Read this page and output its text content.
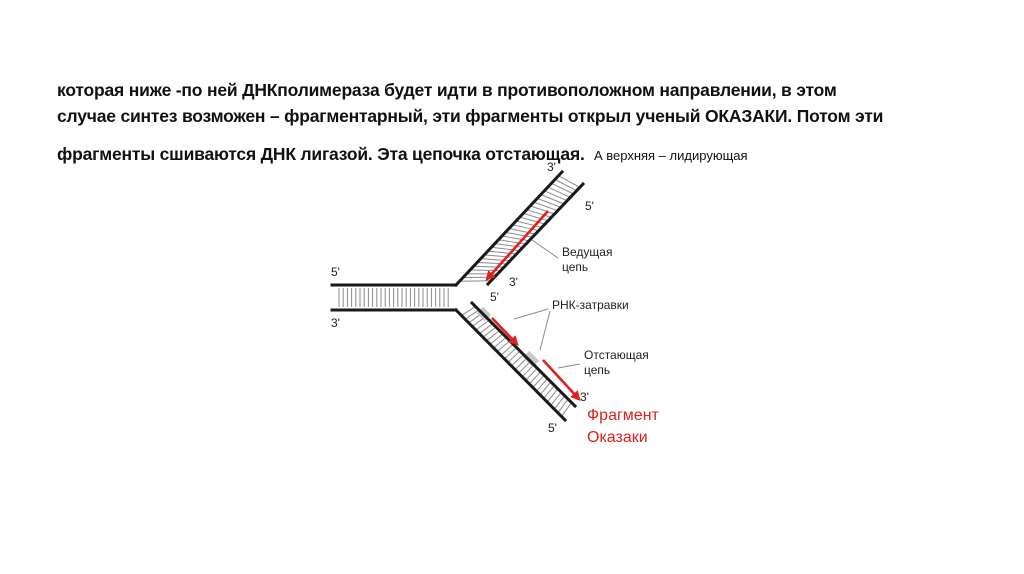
которая ниже -по ней ДНКполимераза будет идти в противоположном направлении, в этом
случае синтез возможен – фрагментарный, эти фрагменты открыл ученый ОКАЗАКИ. Потом эти
фрагменты сшиваются ДНК лигазой. Эта цепочка отстающая. А верхняя – лидирующая
5'
3'
3'
5'
3'
5'
3'
5'
Ведущая
цепь
РНК-затравки
Отстающая
цепь
Фрагмент
Оказаки
